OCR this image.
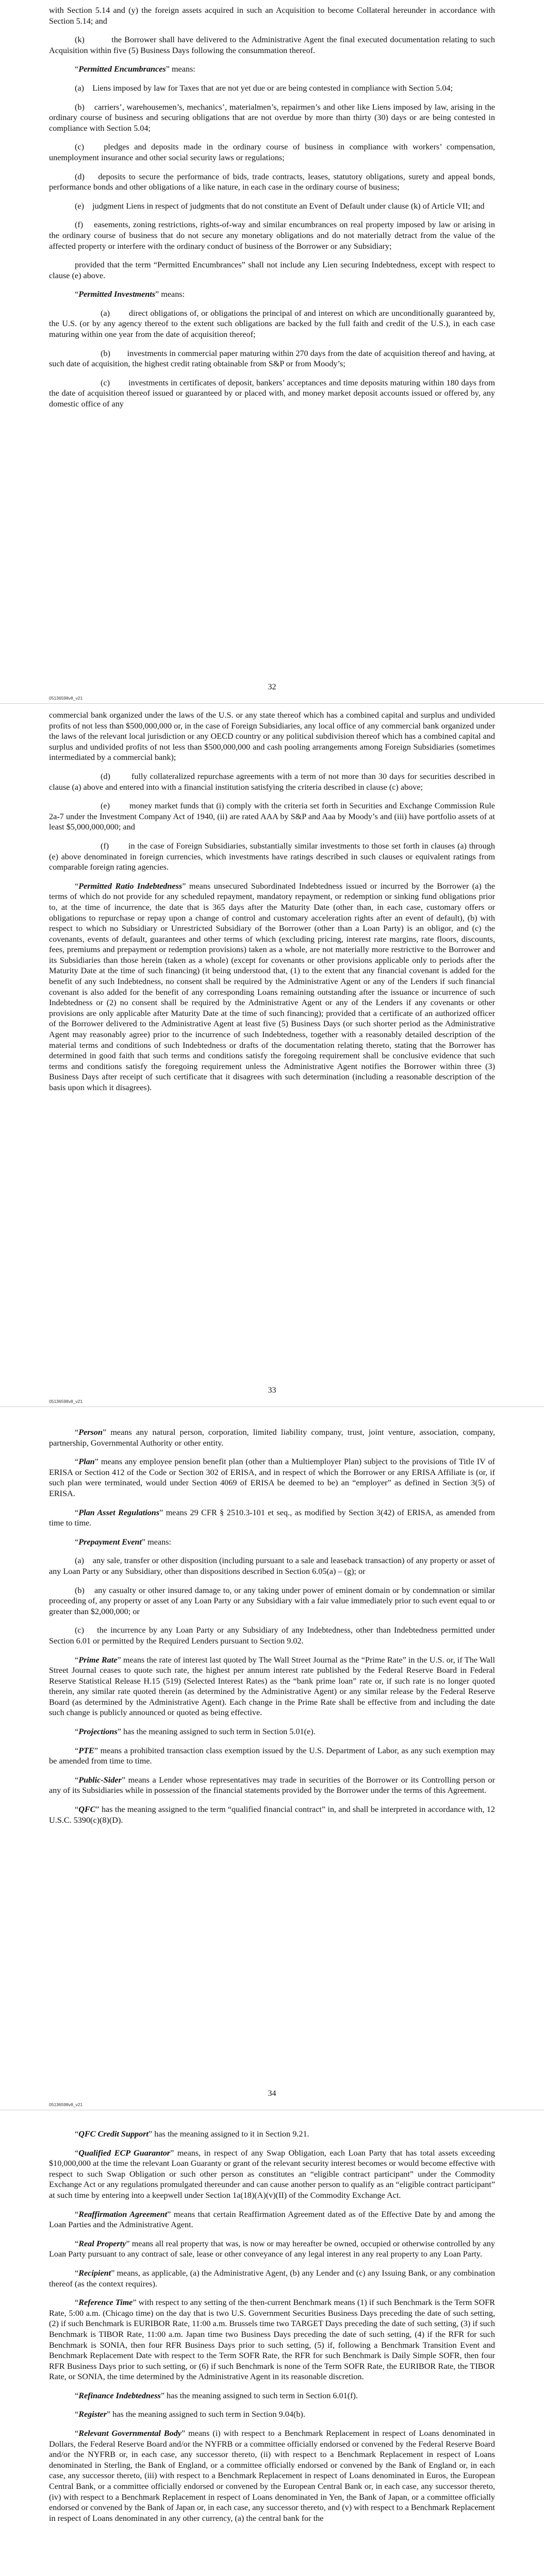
with Section 5.14 and (y) the foreign assets acquired in such an Acquisition to become Collateral hereunder in accordance with Section 5.14; and

(k)          the Borrower shall have delivered to the Administrative Agent the final executed documentation relating to such Acquisition within five (5) Business Days following the consummation thereof.

“Permitted Encumbrances” means:

(a)    Liens imposed by law for Taxes that are not yet due or are being contested in compliance with Section 5.04;

(b)    carriers’, warehousemen’s, mechanics’, materialmen’s, repairmen’s and other like Liens imposed by law, arising in the ordinary course of business and securing obligations that are not overdue by more than thirty (30) days or are being contested in compliance with Section 5.04;

(c)    pledges and deposits made in the ordinary course of business in compliance with workers’ compensation, unemployment insurance and other social security laws or regulations;

(d)    deposits to secure the performance of bids, trade contracts, leases, statutory obligations, surety and appeal bonds, performance bonds and other obligations of a like nature, in each case in the ordinary course of business;

(e)    judgment Liens in respect of judgments that do not constitute an Event of Default under clause (k) of Article VII; and

(f)    easements, zoning restrictions, rights-of-way and similar encumbrances on real property imposed by law or arising in the ordinary course of business that do not secure any monetary obligations and do not materially detract from the value of the affected property or interfere with the ordinary conduct of business of the Borrower or any Subsidiary;

provided that the term “Permitted Encumbrances” shall not include any Lien securing Indebtedness, except with respect to clause (e) above.

“Permitted Investments” means:

(a)        direct obligations of, or obligations the principal of and interest on which are unconditionally guaranteed by, the U.S. (or by any agency thereof to the extent such obligations are backed by the full faith and credit of the U.S.), in each case maturing within one year from the date of acquisition thereof;

(b)        investments in commercial paper maturing within 270 days from the date of acquisition thereof and having, at such date of acquisition, the highest credit rating obtainable from S&P or from Moody’s;

(c)        investments in certificates of deposit, bankers’ acceptances and time deposits maturing within 180 days from the date of acquisition thereof issued or guaranteed by or placed with, and money market deposit accounts issued or offered by, any domestic office of any

32
05136598v8_v21

commercial bank organized under the laws of the U.S. or any state thereof which has a combined capital and surplus and undivided profits of not less than $500,000,000 or, in the case of Foreign Subsidiaries, any local office of any commercial bank organized under the laws of the relevant local jurisdiction or any OECD country or any political subdivision thereof which has a combined capital and surplus and undivided profits of not less than $500,000,000 and cash pooling arrangements among Foreign Subsidiaries (sometimes intermediated by a commercial bank);

(d)        fully collateralized repurchase agreements with a term of not more than 30 days for securities described in clause (a) above and entered into with a financial institution satisfying the criteria described in clause (c) above;

(e)        money market funds that (i) comply with the criteria set forth in Securities and Exchange Commission Rule 2a-7 under the Investment Company Act of 1940, (ii) are rated AAA by S&P and Aaa by Moody’s and (iii) have portfolio assets of at least $5,000,000,000; and

(f)        in the case of Foreign Subsidiaries, substantially similar investments to those set forth in clauses (a) through (e) above denominated in foreign currencies, which investments have ratings described in such clauses or equivalent ratings from comparable foreign rating agencies.

“Permitted Ratio Indebtedness” means unsecured Subordinated Indebtedness issued or incurred by the Borrower (a) the terms of which do not provide for any scheduled repayment, mandatory repayment, or redemption or sinking fund obligations prior to, at the time of incurrence, the date that is 365 days after the Maturity Date (other than, in each case, customary offers or obligations to repurchase or repay upon a change of control and customary acceleration rights after an event of default), (b) with respect to which no Subsidiary or Unrestricted Subsidiary of the Borrower (other than a Loan Party) is an obligor, and (c) the covenants, events of default, guarantees and other terms of which (excluding pricing, interest rate margins, rate floors, discounts, fees, premiums and prepayment or redemption provisions) taken as a whole, are not materially more restrictive to the Borrower and its Subsidiaries than those herein (taken as a whole) (except for covenants or other provisions applicable only to periods after the Maturity Date at the time of such financing) (it being understood that, (1) to the extent that any financial covenant is added for the benefit of any such Indebtedness, no consent shall be required by the Administrative Agent or any of the Lenders if such financial covenant is also added for the benefit of any corresponding Loans remaining outstanding after the issuance or incurrence of such Indebtedness or (2) no consent shall be required by the Administrative Agent or any of the Lenders if any covenants or other provisions are only applicable after Maturity Date at the time of such financing); provided that a certificate of an authorized officer of the Borrower delivered to the Administrative Agent at least five (5) Business Days (or such shorter period as the Administrative Agent may reasonably agree) prior to the incurrence of such Indebtedness, together with a reasonably detailed description of the material terms and conditions of such Indebtedness or drafts of the documentation relating thereto, stating that the Borrower has determined in good faith that such terms and conditions satisfy the foregoing requirement shall be conclusive evidence that such terms and conditions satisfy the foregoing requirement unless the Administrative Agent notifies the Borrower within three (3) Business Days after receipt of such certificate that it disagrees with such determination (including a reasonable description of the basis upon which it disagrees).

33
05136598v8_v21

“Person” means any natural person, corporation, limited liability company, trust, joint venture, association, company, partnership, Governmental Authority or other entity.

“Plan” means any employee pension benefit plan (other than a Multiemployer Plan) subject to the provisions of Title IV of ERISA or Section 412 of the Code or Section 302 of ERISA, and in respect of which the Borrower or any ERISA Affiliate is (or, if such plan were terminated, would under Section 4069 of ERISA be deemed to be) an “employer” as defined in Section 3(5) of ERISA.

“Plan Asset Regulations” means 29 CFR § 2510.3-101 et seq., as modified by Section 3(42) of ERISA, as amended from time to time.

“Prepayment Event” means:

(a)    any sale, transfer or other disposition (including pursuant to a sale and leaseback transaction) of any property or asset of any Loan Party or any Subsidiary, other than dispositions described in Section 6.05(a) – (g); or

(b)    any casualty or other insured damage to, or any taking under power of eminent domain or by condemnation or similar proceeding of, any property or asset of any Loan Party or any Subsidiary with a fair value immediately prior to such event equal to or greater than $2,000,000; or

(c)    the incurrence by any Loan Party or any Subsidiary of any Indebtedness, other than Indebtedness permitted under Section 6.01 or permitted by the Required Lenders pursuant to Section 9.02.

“Prime Rate” means the rate of interest last quoted by The Wall Street Journal as the “Prime Rate” in the U.S. or, if The Wall Street Journal ceases to quote such rate, the highest per annum interest rate published by the Federal Reserve Board in Federal Reserve Statistical Release H.15 (519) (Selected Interest Rates) as the “bank prime loan” rate or, if such rate is no longer quoted therein, any similar rate quoted therein (as determined by the Administrative Agent) or any similar release by the Federal Reserve Board (as determined by the Administrative Agent). Each change in the Prime Rate shall be effective from and including the date such change is publicly announced or quoted as being effective.

“Projections” has the meaning assigned to such term in Section 5.01(e).

“PTE” means a prohibited transaction class exemption issued by the U.S. Department of Labor, as any such exemption may be amended from time to time.

“Public-Sider” means a Lender whose representatives may trade in securities of the Borrower or its Controlling person or any of its Subsidiaries while in possession of the financial statements provided by the Borrower under the terms of this Agreement.

“QFC” has the meaning assigned to the term “qualified financial contract” in, and shall be interpreted in accordance with, 12 U.S.C. 5390(c)(8)(D).

34
05136598v8_v21

“QFC Credit Support” has the meaning assigned to it in Section 9.21.

“Qualified ECP Guarantor” means, in respect of any Swap Obligation, each Loan Party that has total assets exceeding $10,000,000 at the time the relevant Loan Guaranty or grant of the relevant security interest becomes or would become effective with respect to such Swap Obligation or such other person as constitutes an “eligible contract participant” under the Commodity Exchange Act or any regulations promulgated thereunder and can cause another person to qualify as an “eligible contract participant” at such time by entering into a keepwell under Section 1a(18)(A)(v)(II) of the Commodity Exchange Act.

“Reaffirmation Agreement” means that certain Reaffirmation Agreement dated as of the Effective Date by and among the Loan Parties and the Administrative Agent.

“Real Property” means all real property that was, is now or may hereafter be owned, occupied or otherwise controlled by any Loan Party pursuant to any contract of sale, lease or other conveyance of any legal interest in any real property to any Loan Party.

“Recipient” means, as applicable, (a) the Administrative Agent, (b) any Lender and (c) any Issuing Bank, or any combination thereof (as the context requires).

“Reference Time” with respect to any setting of the then-current Benchmark means (1) if such Benchmark is the Term SOFR Rate, 5:00 a.m. (Chicago time) on the day that is two U.S. Government Securities Business Days preceding the date of such setting, (2) if such Benchmark is EURIBOR Rate, 11:00 a.m. Brussels time two TARGET Days preceding the date of such setting, (3) if such Benchmark is TIBOR Rate, 11:00 a.m. Japan time two Business Days preceding the date of such setting, (4) if the RFR for such Benchmark is SONIA, then four RFR Business Days prior to such setting, (5) if, following a Benchmark Transition Event and Benchmark Replacement Date with respect to the Term SOFR Rate, the RFR for such Benchmark is Daily Simple SOFR, then four RFR Business Days prior to such setting, or (6) if such Benchmark is none of the Term SOFR Rate, the EURIBOR Rate, the TIBOR Rate, or SONIA, the time determined by the Administrative Agent in its reasonable discretion.

“Refinance Indebtedness” has the meaning assigned to such term in Section 6.01(f).

“Register” has the meaning assigned to such term in Section 9.04(b).

“Relevant Governmental Body” means (i) with respect to a Benchmark Replacement in respect of Loans denominated in Dollars, the Federal Reserve Board and/or the NYFRB or a committee officially endorsed or convened by the Federal Reserve Board and/or the NYFRB or, in each case, any successor thereto, (ii) with respect to a Benchmark Replacement in respect of Loans denominated in Sterling, the Bank of England, or a committee officially endorsed or convened by the Bank of England or, in each case, any successor thereto, (iii) with respect to a Benchmark Replacement in respect of Loans denominated in Euros, the European Central Bank, or a committee officially endorsed or convened by the European Central Bank or, in each case, any successor thereto, (iv) with respect to a Benchmark Replacement in respect of Loans denominated in Yen, the Bank of Japan, or a committee officially endorsed or convened by the Bank of Japan or, in each case, any successor thereto, and (v) with respect to a Benchmark Replacement in respect of Loans denominated in any other currency, (a) the central bank for the
